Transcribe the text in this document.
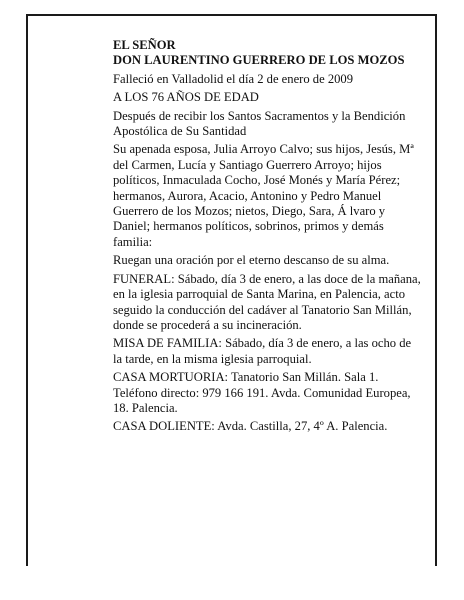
EL SEÑOR

DON LAURENTINO GUERRERO DE LOS MOZOS

Falleció en Valladolid el día 2 de enero de 2009

A LOS 76 AÑOS DE EDAD

Después de recibir los Santos Sacramentos y la Bendición Apostólica de Su Santidad

Su apenada esposa, Julia Arroyo Calvo; sus hijos, Jesús, Mª del Carmen, Lucía y Santiago Guerrero Arroyo; hijos políticos, Inmaculada Cocho, José Monés y María Pérez; hermanos, Aurora, Acacio, Antonino y Pedro Manuel Guerrero de los Mozos; nietos, Diego, Sara, Á lvaro y Daniel; hermanos políticos, sobrinos, primos y demás familia:

Ruegan una oración por el eterno descanso de su alma.

FUNERAL: Sábado, día 3 de enero, a las doce de la mañana, en la iglesia parroquial de Santa Marina, en Palencia, acto seguido la conducción del cadáver al Tanatorio San Millán, donde se procederá a su incineración.

MISA DE FAMILIA: Sábado, día 3 de enero, a las ocho de la tarde, en la misma iglesia parroquial.

CASA MORTUORIA: Tanatorio San Millán. Sala 1. Teléfono directo: 979 166 191. Avda. Comunidad Europea, 18. Palencia.

CASA DOLIENTE: Avda. Castilla, 27, 4º A. Palencia.
